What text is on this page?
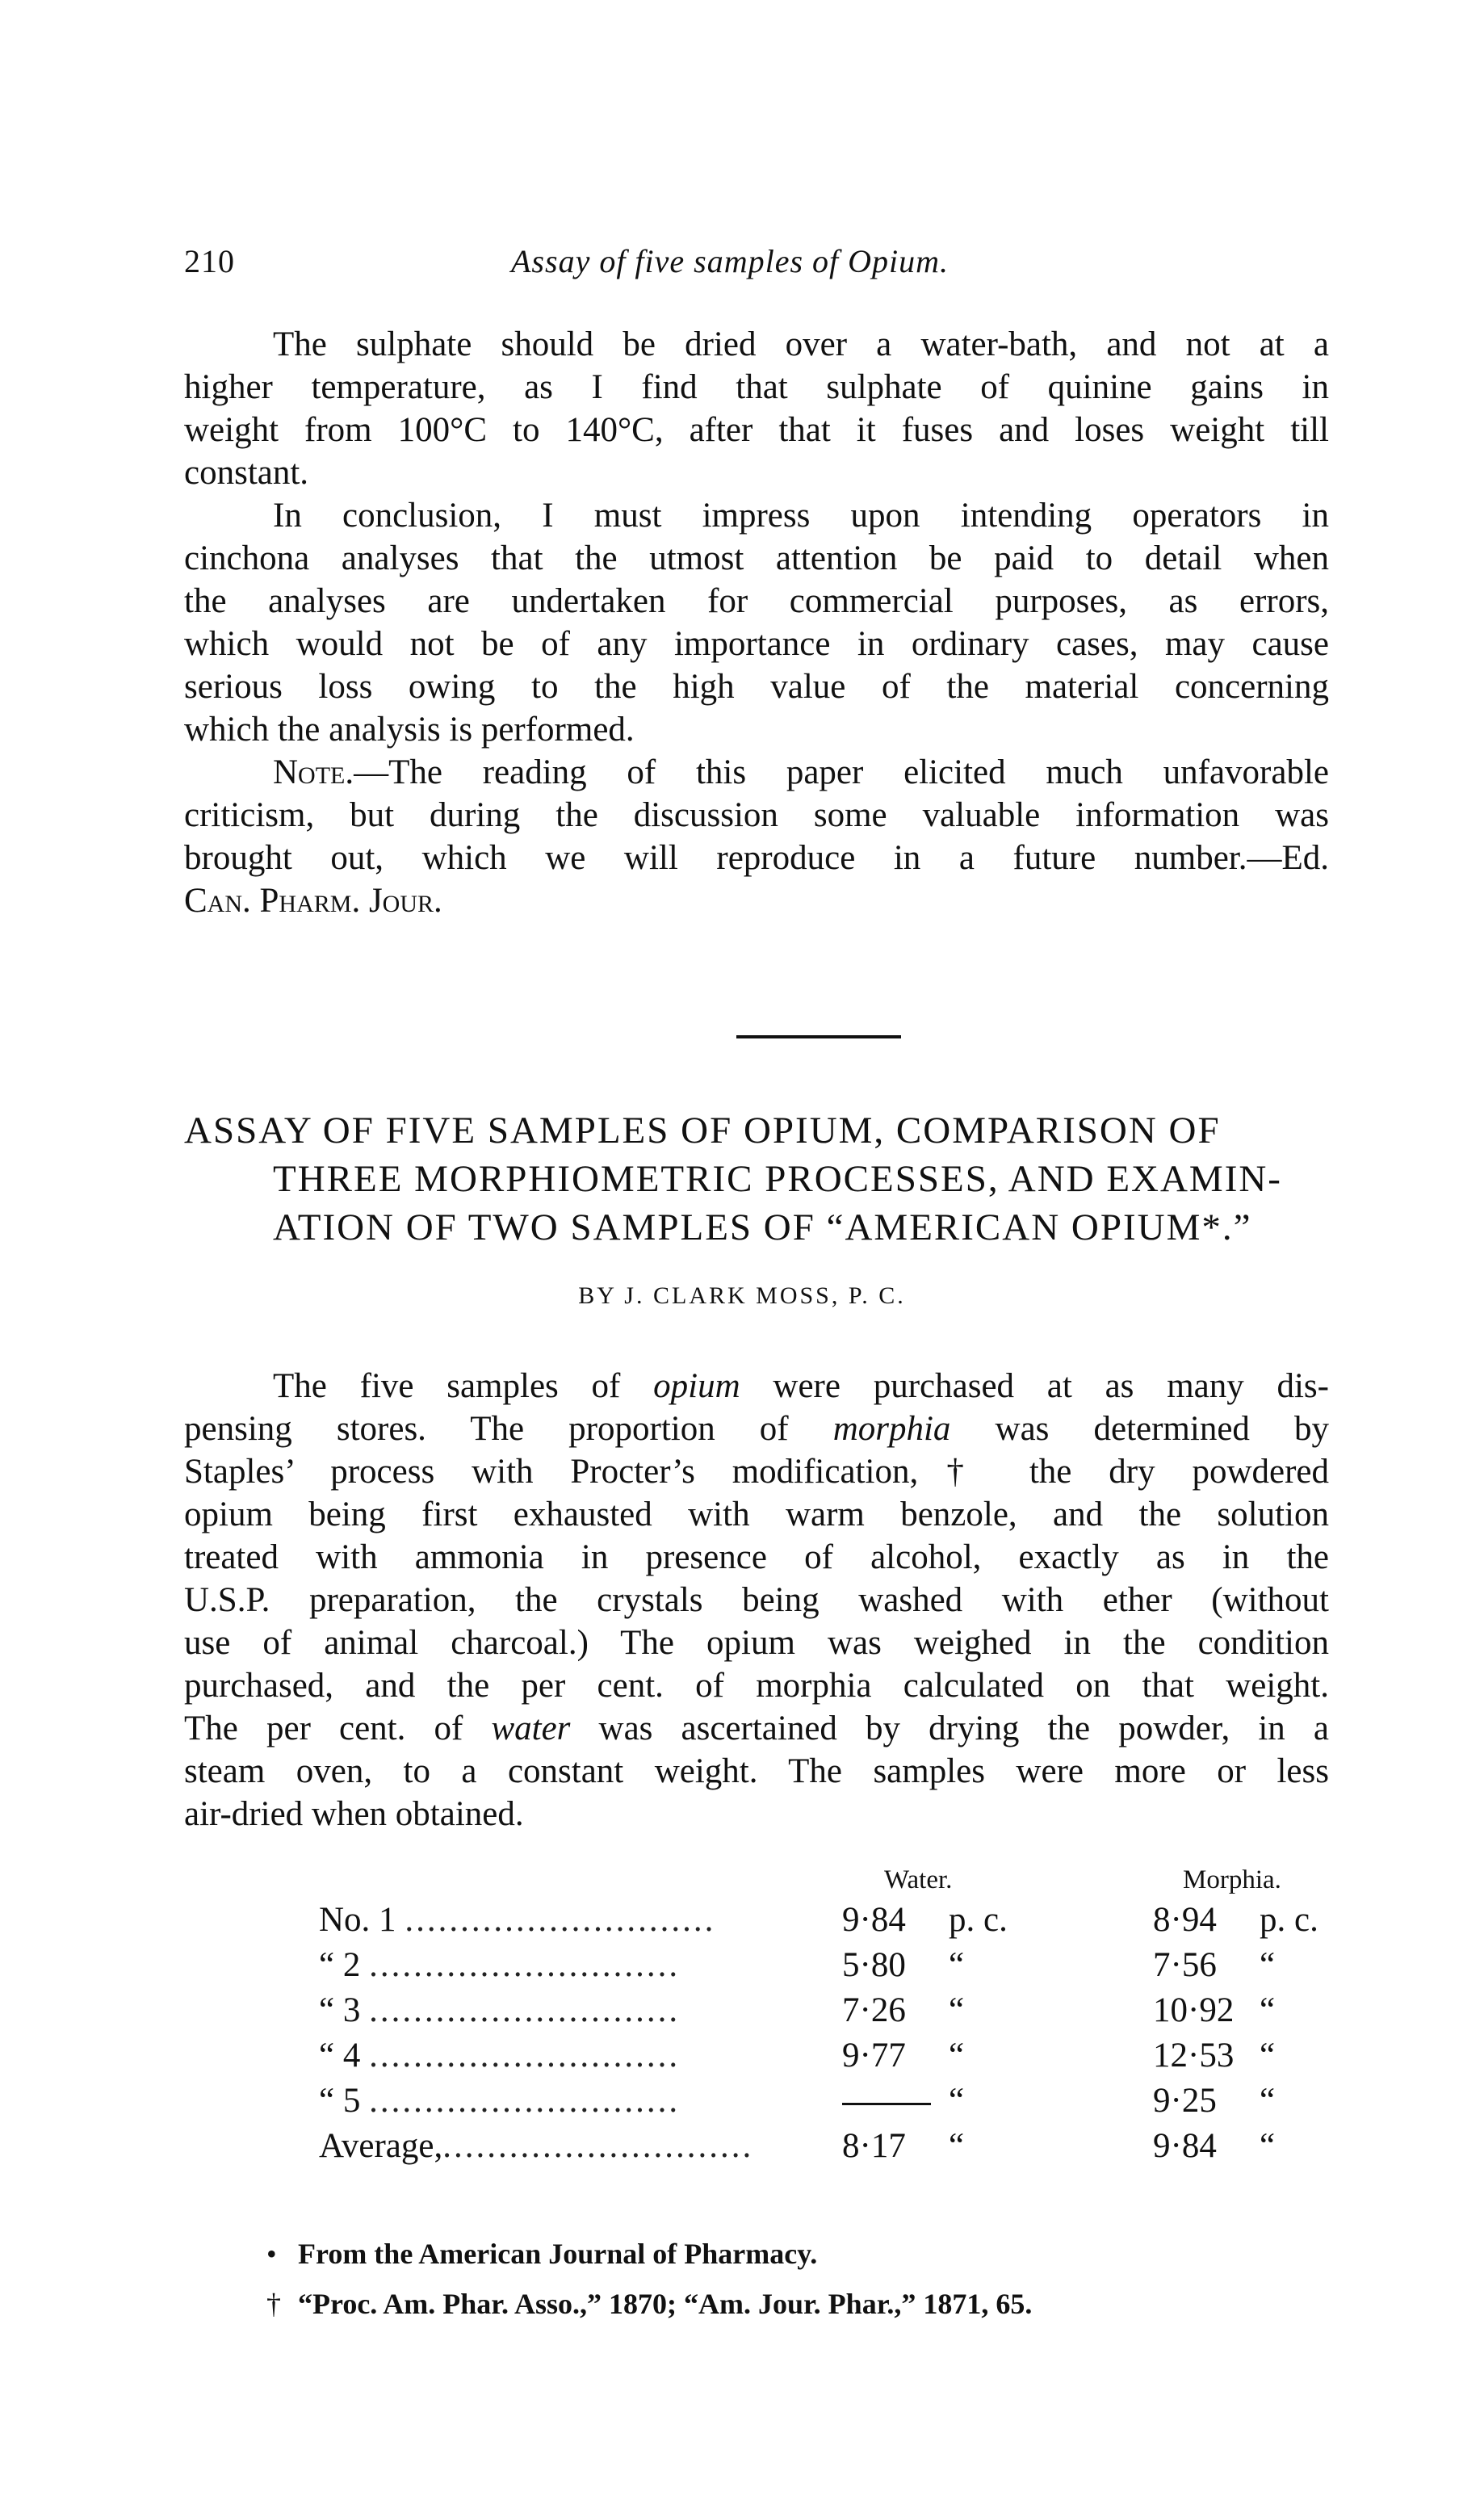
210	Assay of five samples of Opium.
The sulphate should be dried over a water-bath, and not at a
higher temperature, as I find that sulphate of quinine gains in
weight from 100°C to 140°C, after that it fuses and loses weight till
constant.
In conclusion, I must impress upon intending operators in
cinchona analyses that the utmost attention be paid to detail when
the analyses are undertaken for commercial purposes, as errors,
which would not be of any importance in ordinary cases, may cause
serious loss owing to the high value of the material concerning
which the analysis is performed.
Note.—The reading of this paper elicited much unfavorable
criticism, but during the discussion some valuable information was
brought out, which we will reproduce in a future number.—Ed.
Can. Pharm. Jour.
ASSAY OF FIVE SAMPLES OF OPIUM, COMPARISON OF
THREE MORPHIOMETRIC PROCESSES, AND EXAMIN-
ATION OF TWO SAMPLES OF “AMERICAN OPIUM*.”
BY J. CLARK MOSS, P. C.
The five samples of opium were purchased at as many dis-
pensing stores. The proportion of morphia was determined by
Staples’ process with Procter’s modification,† the dry powdered
opium being first exhausted with warm benzole, and the solution
treated with ammonia in presence of alcohol, exactly as in the
U.S.P. preparation, the crystals being washed with ether (without
use of animal charcoal.) The opium was weighed in the condition
purchased, and the per cent. of morphia calculated on that weight.
The per cent. of water was ascertained by drying the powder, in a
steam oven, to a constant weight. The samples were more or less
air-dried when obtained.
Water.	Morphia.
No. 1 ............................	9·84 p. c.	8·94 p. c.
“ 2 ............................	5·80 “	7·56 “
“ 3 ............................	7·26 “	10·92 “
“ 4 ............................	9·77 “	12·53 “
“ 5 ............................	“	9·25 “
Average,............................	8·17 “	9·84 “
• From the American Journal of Pharmacy.
† “Proc. Am. Phar. Asso.,” 1870; “Am. Jour. Phar.,” 1871, 65.
